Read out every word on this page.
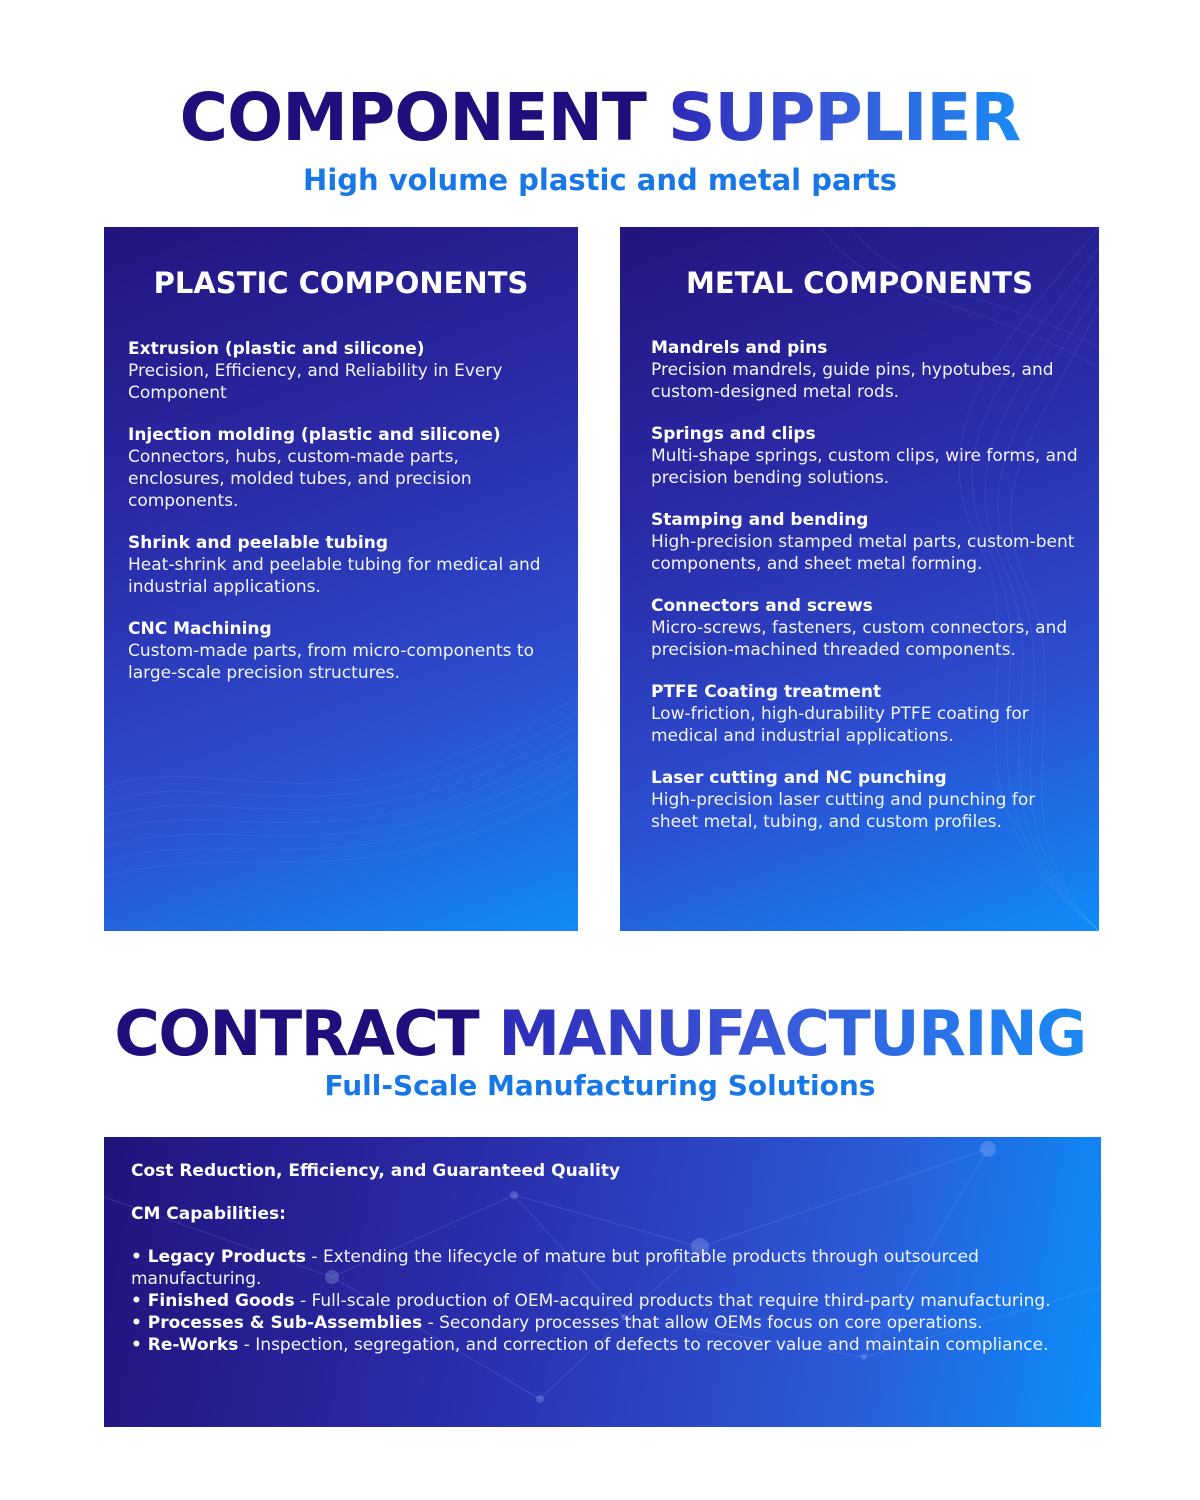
COMPONENT SUPPLIER

High volume plastic and metal parts

PLASTIC COMPONENTS
Extrusion (plastic and silicone)
Precision, Efficiency, and Reliability in Every Component
Injection molding (plastic and silicone)
Connectors, hubs, custom-made parts, enclosures, molded tubes, and precision components.
Shrink and peelable tubing
Heat-shrink and peelable tubing for medical and industrial applications.
CNC Machining
Custom-made parts, from micro-components to large-scale precision structures.
METAL COMPONENTS
Mandrels and pins
Precision mandrels, guide pins, hypotubes, and custom-designed metal rods.
Springs and clips
Multi-shape springs, custom clips, wire forms, and precision bending solutions.
Stamping and bending
High-precision stamped metal parts, custom-bent components, and sheet metal forming.
Connectors and screws
Micro-screws, fasteners, custom connectors, and precision-machined threaded components.
PTFE Coating treatment
Low-friction, high-durability PTFE coating for medical and industrial applications.
Laser cutting and NC punching
High-precision laser cutting and punching for sheet metal, tubing, and custom profiles.
CONTRACT MANUFACTURING

Full-Scale Manufacturing Solutions

Cost Reduction, Efficiency, and Guaranteed Quality

CM Capabilities:

• Legacy Products - Extending the lifecycle of mature but profitable products through outsourced manufacturing.

• Finished Goods - Full-scale production of OEM-acquired products that require third-party manufacturing.

• Processes & Sub-Assemblies - Secondary processes that allow OEMs focus on core operations.

• Re-Works - Inspection, segregation, and correction of defects to recover value and maintain compliance.
